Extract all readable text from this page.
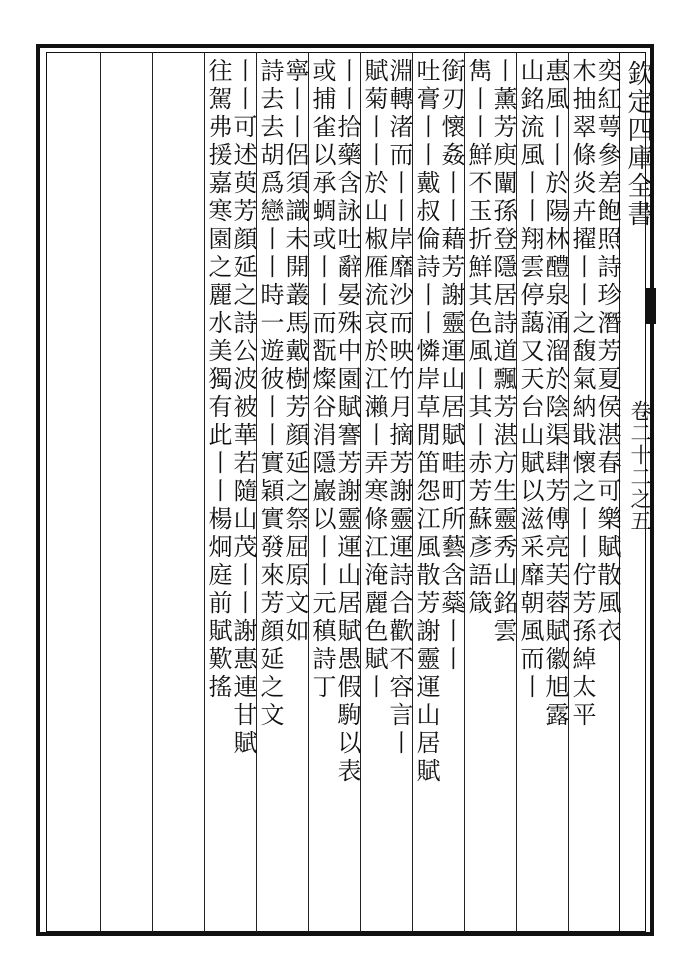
欽定四庫全書
卷二十二之五
奕紅萼參差飽照詩珍潛芳夏侯湛春可樂賦散風衣
木抽翠條炎卉擢丨丨之馥氣納戢懷之丨丨佇芳孫綽太平
惠風丨丨於陽林醴泉涌溜於陰渠肆芳傅亮芙蓉賦徽旭露
山銘流風丨丨翔雲停藹又天台山賦以滋采靡朝風而丨
丨薰芳庾闡孫登隱居詩道飄芳湛方生靈秀山銘雲
雋丨丨鮮不玉折鮮其色風丨其丨赤芳蘇彥語箴
銜刃懷姦丨丨藉芳謝靈運山居賦畦町所藝含蘂丨丨
吐膏丨丨戴叔倫詩丨丨憐岸草閒笛怨江風散芳謝靈運山居賦
淵轉渚而丨丨岸靡沙而映竹月摘芳謝靈運詩合歡不容言丨
賦菊丨丨於山椒雁流哀於江瀨丨弄寒條江淹麗色賦丨
丨丨拾藥含詠吐辭晏殊中園賦謇芳謝靈運山居賦愚假駒以表
或捕雀以承蜩或丨丨而翫燦谷涓隱巖以丨丨元稹詩丁
寧丨丨侶須識未開叢馬戴樹芳顔延之祭屈原文如
詩去去胡爲戀丨丨時一遊彼丨丨實穎實發來芳顔延之文
丨丨可述萸芳顔延之詩公波被華若隨山茂丨丨謝惠連甘賦
往駕弗援嘉寒園之麗水美獨有此丨丨楊炯庭前賦歎搖
